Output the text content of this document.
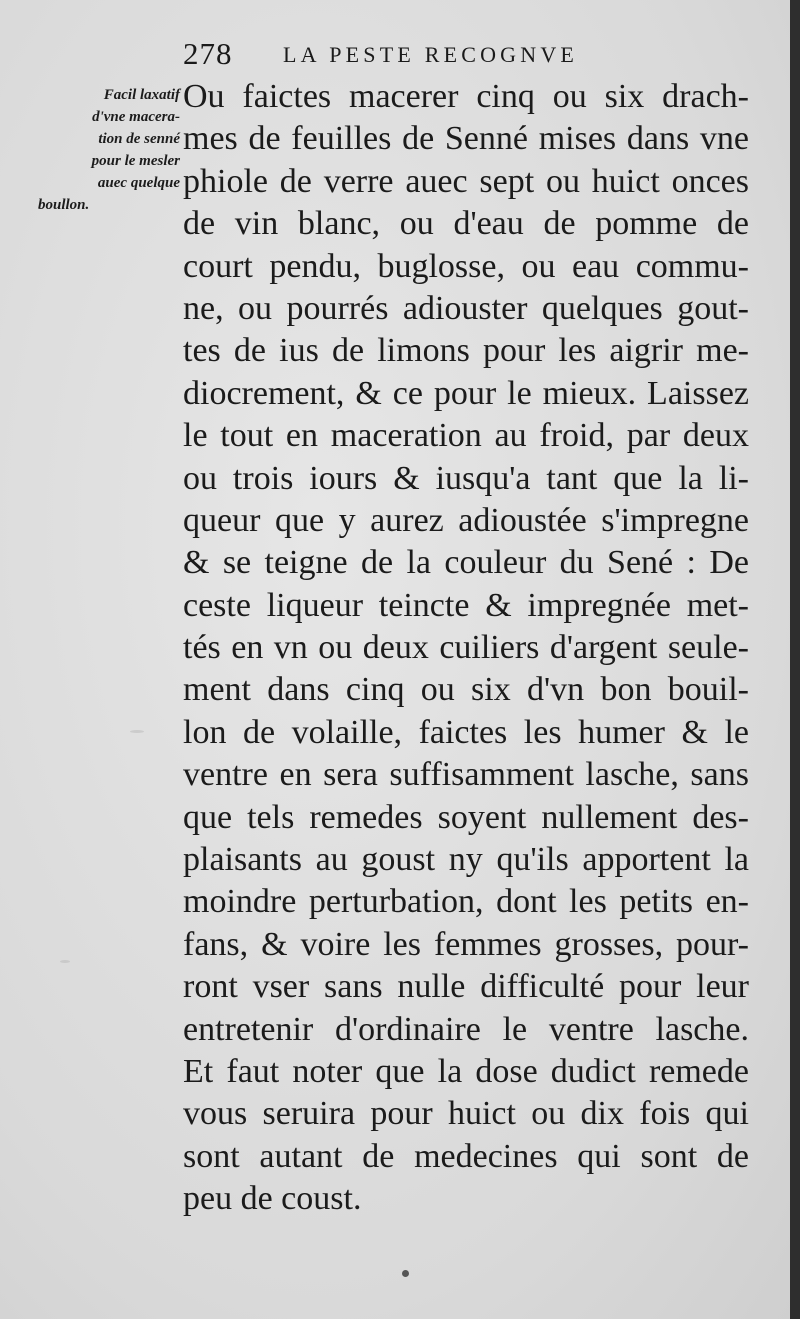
278 LA PESTE RECOGNVE
Facil laxatif
d'vne macera-
tion de senné
pour le mesler
auec quelque
boullon.
Ou faictes macerer cinq ou six drach-
mes de feuilles de Senné mises dans vne
phiole de verre auec sept ou huict onces
de vin blanc, ou d'eau de pomme de
court pendu, buglosse, ou eau commu-
ne, ou pourrés adiouster quelques gout-
tes de ius de limons pour les aigrir me-
diocrement, & ce pour le mieux. Laissez
le tout en maceration au froid, par deux
ou trois iours & iusqu'a tant que la li-
queur que y aurez adioustée s'impregne
& se teigne de la couleur du Sené : De
ceste liqueur teincte & impregnée met-
tés en vn ou deux cuiliers d'argent seule-
ment dans cinq ou six d'vn bon bouil-
lon de volaille, faictes les humer & le
ventre en sera suffisamment lasche, sans
que tels remedes soyent nullement des-
plaisants au goust ny qu'ils apportent la
moindre perturbation, dont les petits en-
fans, & voire les femmes grosses, pour-
ront vser sans nulle difficulté pour leur
entretenir d'ordinaire le ventre lasche.
Et faut noter que la dose dudict remede
vous seruira pour huict ou dix fois qui
sont autant de medecines qui sont de
peu de coust.
